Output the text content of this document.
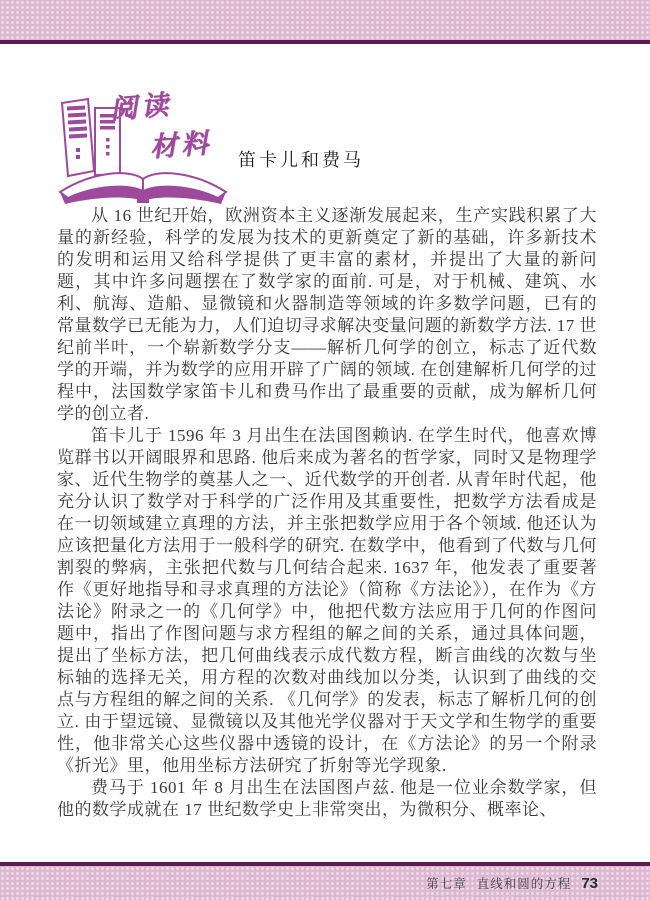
阅读
材料 笛卡儿和费马

从 16 世纪开始，欧洲资本主义逐渐发展起来，生产实践积累了大量的新经验，科学的发展为技术的更新奠定了新的基础，许多新技术的发明和运用又给科学提供了更丰富的素材，并提出了大量的新问题，其中许多问题摆在了数学家的面前. 可是，对于机械、建筑、水利、航海、造船、显微镜和火器制造等领域的许多数学问题，已有的常量数学已无能为力，人们迫切寻求解决变量问题的新数学方法. 17 世纪前半叶，一个崭新数学分支——解析几何学的创立，标志了近代数学的开端，并为数学的应用开辟了广阔的领域. 在创建解析几何学的过程中，法国数学家笛卡儿和费马作出了最重要的贡献，成为解析几何学的创立者.

笛卡儿于 1596 年 3 月出生在法国图赖讷. 在学生时代，他喜欢博览群书以开阔眼界和思路. 他后来成为著名的哲学家，同时又是物理学家、近代生物学的奠基人之一、近代数学的开创者. 从青年时代起，他充分认识了数学对于科学的广泛作用及其重要性，把数学方法看成是在一切领域建立真理的方法，并主张把数学应用于各个领域. 他还认为应该把量化方法用于一般科学的研究. 在数学中，他看到了代数与几何割裂的弊病，主张把代数与几何结合起来. 1637 年，他发表了重要著作《更好地指导和寻求真理的方法论》（简称《方法论》），在作为《方法论》附录之一的《几何学》中，他把代数方法应用于几何的作图问题中，指出了作图问题与求方程组的解之间的关系，通过具体问题，提出了坐标方法，把几何曲线表示成代数方程，断言曲线的次数与坐标轴的选择无关，用方程的次数对曲线加以分类，认识到了曲线的交点与方程组的解之间的关系. 《几何学》的发表，标志了解析几何的创立. 由于望远镜、显微镜以及其他光学仪器对于天文学和生物学的重要性，他非常关心这些仪器中透镜的设计，在《方法论》的另一个附录《折光》里，他用坐标方法研究了折射等光学现象.

费马于 1601 年 8 月出生在法国图卢兹. 他是一位业余数学家，但他的数学成就在 17 世纪数学史上非常突出，为微积分、概率论、

第七章 直线和圆的方程 73
